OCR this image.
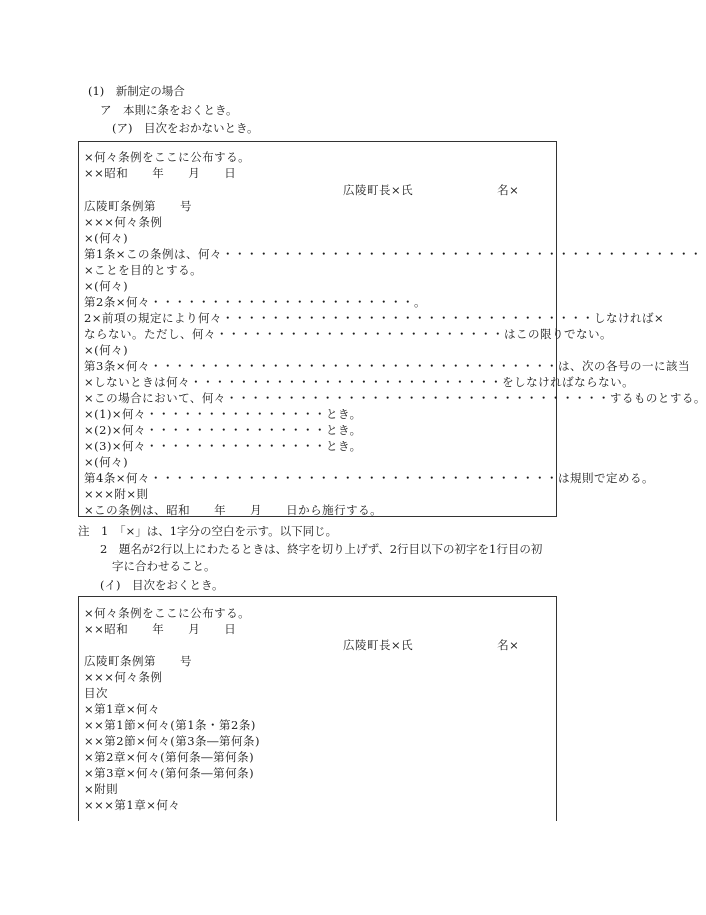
(1)　新制定の場合
ア　本則に条をおくとき。
(ア)　目次をおかないとき。
×何々条例をここに公布する。
××昭和　　年　　月　　日
広陵町長×氏　　　　　　　名×
広陵町条例第　　号
×××何々条例
×(何々)
第1条×この条例は、何々・・・・・・・・・・・・・・・・・・・・・・・・・・・・・・・・・・・・・・・・
×ことを目的とする。
×(何々)
第2条×何々・・・・・・・・・・・・・・・・・・・・・・。
2×前項の規定により何々・・・・・・・・・・・・・・・・・・・・・・・・・・・・・・・しなければ×
ならない。ただし、何々・・・・・・・・・・・・・・・・・・・・・・・・はこの限りでない。
×(何々)
第3条×何々・・・・・・・・・・・・・・・・・・・・・・・・・・・・・・・・・・は、次の各号の一に該当
×しないときは何々・・・・・・・・・・・・・・・・・・・・・・・・・・をしなければならない。
×この場合において、何々・・・・・・・・・・・・・・・・・・・・・・・・・・・・・・・・するものとする。
×(1)×何々・・・・・・・・・・・・・・・とき。
×(2)×何々・・・・・・・・・・・・・・・とき。
×(3)×何々・・・・・・・・・・・・・・・とき。
×(何々)
第4条×何々・・・・・・・・・・・・・・・・・・・・・・・・・・・・・・・・・・は規則で定める。
×××附×則
×この条例は、昭和　　年　　月　　日から施行する。
注　1　「×」は、1字分の空白を示す。以下同じ。
2　題名が2行以上にわたるときは、終字を切り上げず、2行目以下の初字を1行目の初
字に合わせること。
(イ)　目次をおくとき。
×何々条例をここに公布する。
××昭和　　年　　月　　日
広陵町長×氏　　　　　　　名×
広陵町条例第　　号
×××何々条例
目次
×第1章×何々
××第1節×何々(第1条・第2条)
××第2節×何々(第3条―第何条)
×第2章×何々(第何条―第何条)
×第3章×何々(第何条―第何条)
×附則
×××第1章×何々
